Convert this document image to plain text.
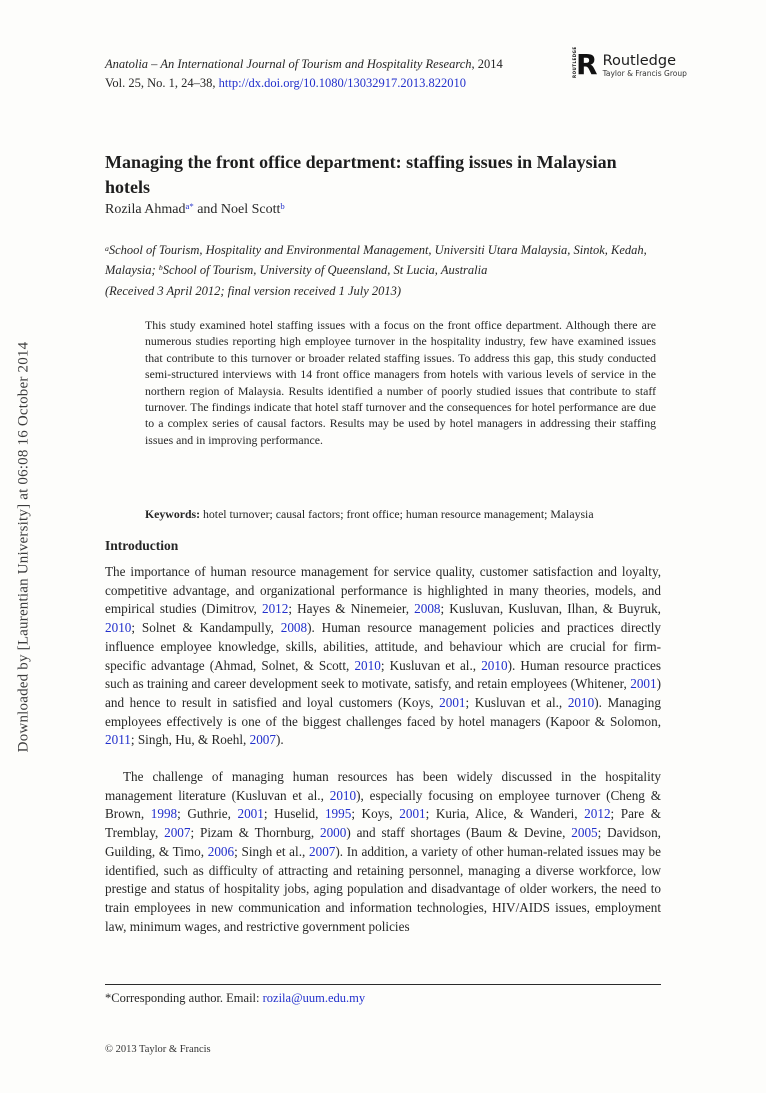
Downloaded by [Laurentian University] at 06:08 16 October 2014
Anatolia – An International Journal of Tourism and Hospitality Research, 2014
Vol. 25, No. 1, 24–38, http://dx.doi.org/10.1080/13032917.2013.822010
ROUTLEDGE R Routledge
Taylor & Francis Group
Managing the front office department: staffing issues in Malaysian hotels
Rozila Ahmad$^{a*}$ and Noel Scott$^b$
$^a$School of Tourism, Hospitality and Environmental Management, Universiti Utara Malaysia, Sintok, Kedah, Malaysia; $^b$School of Tourism, University of Queensland, St Lucia, Australia
(Received 3 April 2012; final version received 1 July 2013)
This study examined hotel staffing issues with a focus on the front office department. Although there are numerous studies reporting high employee turnover in the hospitality industry, few have examined issues that contribute to this turnover or broader related staffing issues. To address this gap, this study conducted semi-structured interviews with 14 front office managers from hotels with various levels of service in the northern region of Malaysia. Results identified a number of poorly studied issues that contribute to staff turnover. The findings indicate that hotel staff turnover and the consequences for hotel performance are due to a complex series of causal factors. Results may be used by hotel managers in addressing their staffing issues and in improving performance.
Keywords: hotel turnover; causal factors; front office; human resource management; Malaysia
Introduction

The importance of human resource management for service quality, customer satisfaction and loyalty, competitive advantage, and organizational performance is highlighted in many theories, models, and empirical studies (Dimitrov, 2012; Hayes & Ninemeier, 2008; Kusluvan, Kusluvan, Ilhan, & Buyruk, 2010; Solnet & Kandampully, 2008). Human resource management policies and practices directly influence employee knowledge, skills, abilities, attitude, and behaviour which are crucial for firm-specific advantage (Ahmad, Solnet, & Scott, 2010; Kusluvan et al., 2010). Human resource practices such as training and career development seek to motivate, satisfy, and retain employees (Whitener, 2001) and hence to result in satisfied and loyal customers (Koys, 2001; Kusluvan et al., 2010). Managing employees effectively is one of the biggest challenges faced by hotel managers (Kapoor & Solomon, 2011; Singh, Hu, & Roehl, 2007).

The challenge of managing human resources has been widely discussed in the hospitality management literature (Kusluvan et al., 2010), especially focusing on employee turnover (Cheng & Brown, 1998; Guthrie, 2001; Huselid, 1995; Koys, 2001; Kuria, Alice, & Wanderi, 2012; Pare & Tremblay, 2007; Pizam & Thornburg, 2000) and staff shortages (Baum & Devine, 2005; Davidson, Guilding, & Timo, 2006; Singh et al., 2007). In addition, a variety of other human-related issues may be identified, such as difficulty of attracting and retaining personnel, managing a diverse workforce, low prestige and status of hospitality jobs, aging population and disadvantage of older workers, the need to train employees in new communication and information technologies, HIV/AIDS issues, employment law, minimum wages, and restrictive government policies

*Corresponding author. Email: rozila@uum.edu.my
© 2013 Taylor & Francis
